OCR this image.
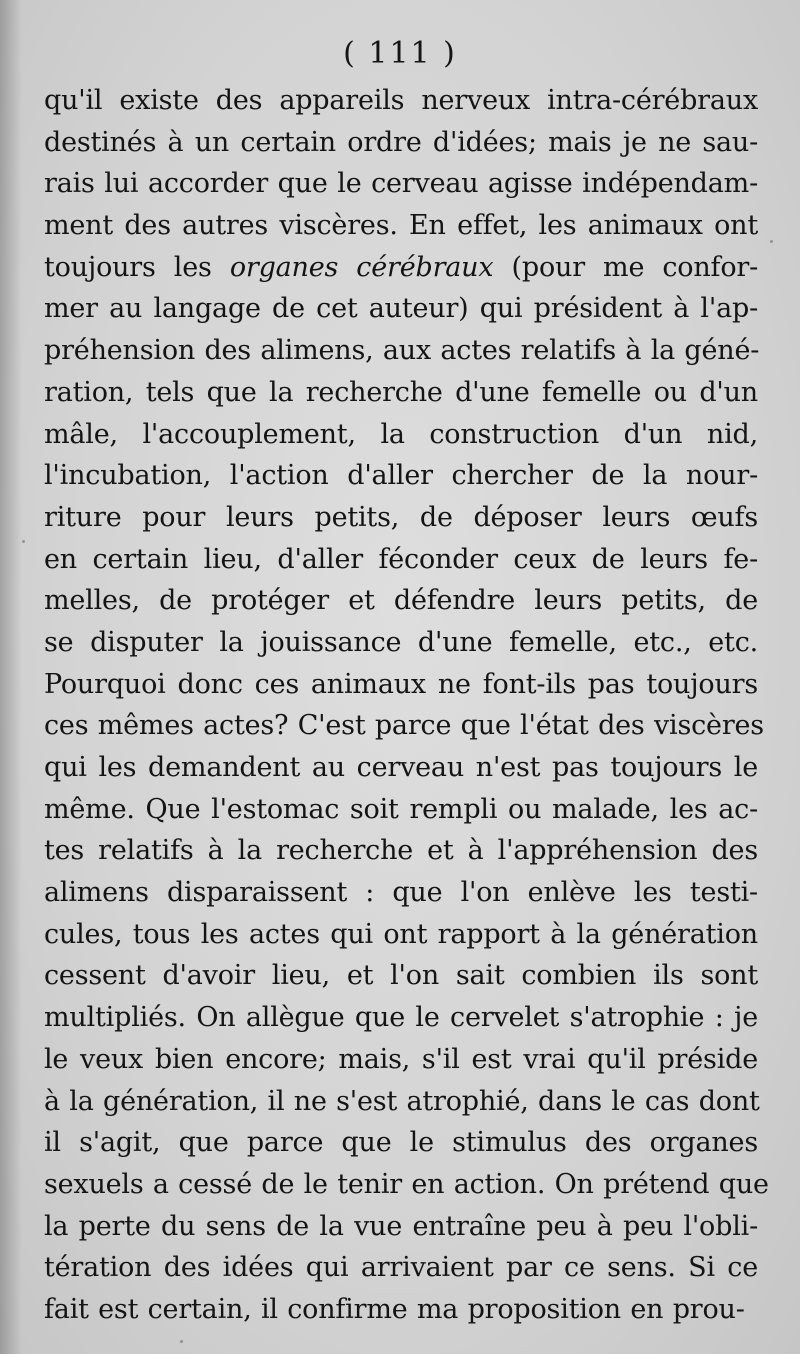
( 111 )
qu'il existe des appareils nerveux intra-cérébraux
destinés à un certain ordre d'idées; mais je ne sau-
rais lui accorder que le cerveau agisse indépendam-
ment des autres viscères. En effet, les animaux ont
toujours les organes cérébraux (pour me confor-
mer au langage de cet auteur) qui président à l'ap-
préhension des alimens, aux actes relatifs à la géné-
ration, tels que la recherche d'une femelle ou d'un
mâle, l'accouplement, la construction d'un nid,
l'incubation, l'action d'aller chercher de la nour-
riture pour leurs petits, de déposer leurs œufs
en certain lieu, d'aller féconder ceux de leurs fe-
melles, de protéger et défendre leurs petits, de
se disputer la jouissance d'une femelle, etc., etc.
Pourquoi donc ces animaux ne font-ils pas toujours
ces mêmes actes? C'est parce que l'état des viscères
qui les demandent au cerveau n'est pas toujours le
même. Que l'estomac soit rempli ou malade, les ac-
tes relatifs à la recherche et à l'appréhension des
alimens disparaissent : que l'on enlève les testi-
cules, tous les actes qui ont rapport à la génération
cessent d'avoir lieu, et l'on sait combien ils sont
multipliés. On allègue que le cervelet s'atrophie : je
le veux bien encore; mais, s'il est vrai qu'il préside
à la génération, il ne s'est atrophié, dans le cas dont
il s'agit, que parce que le stimulus des organes
sexuels a cessé de le tenir en action. On prétend que
la perte du sens de la vue entraîne peu à peu l'obli-
tération des idées qui arrivaient par ce sens. Si ce
fait est certain, il confirme ma proposition en prou-
